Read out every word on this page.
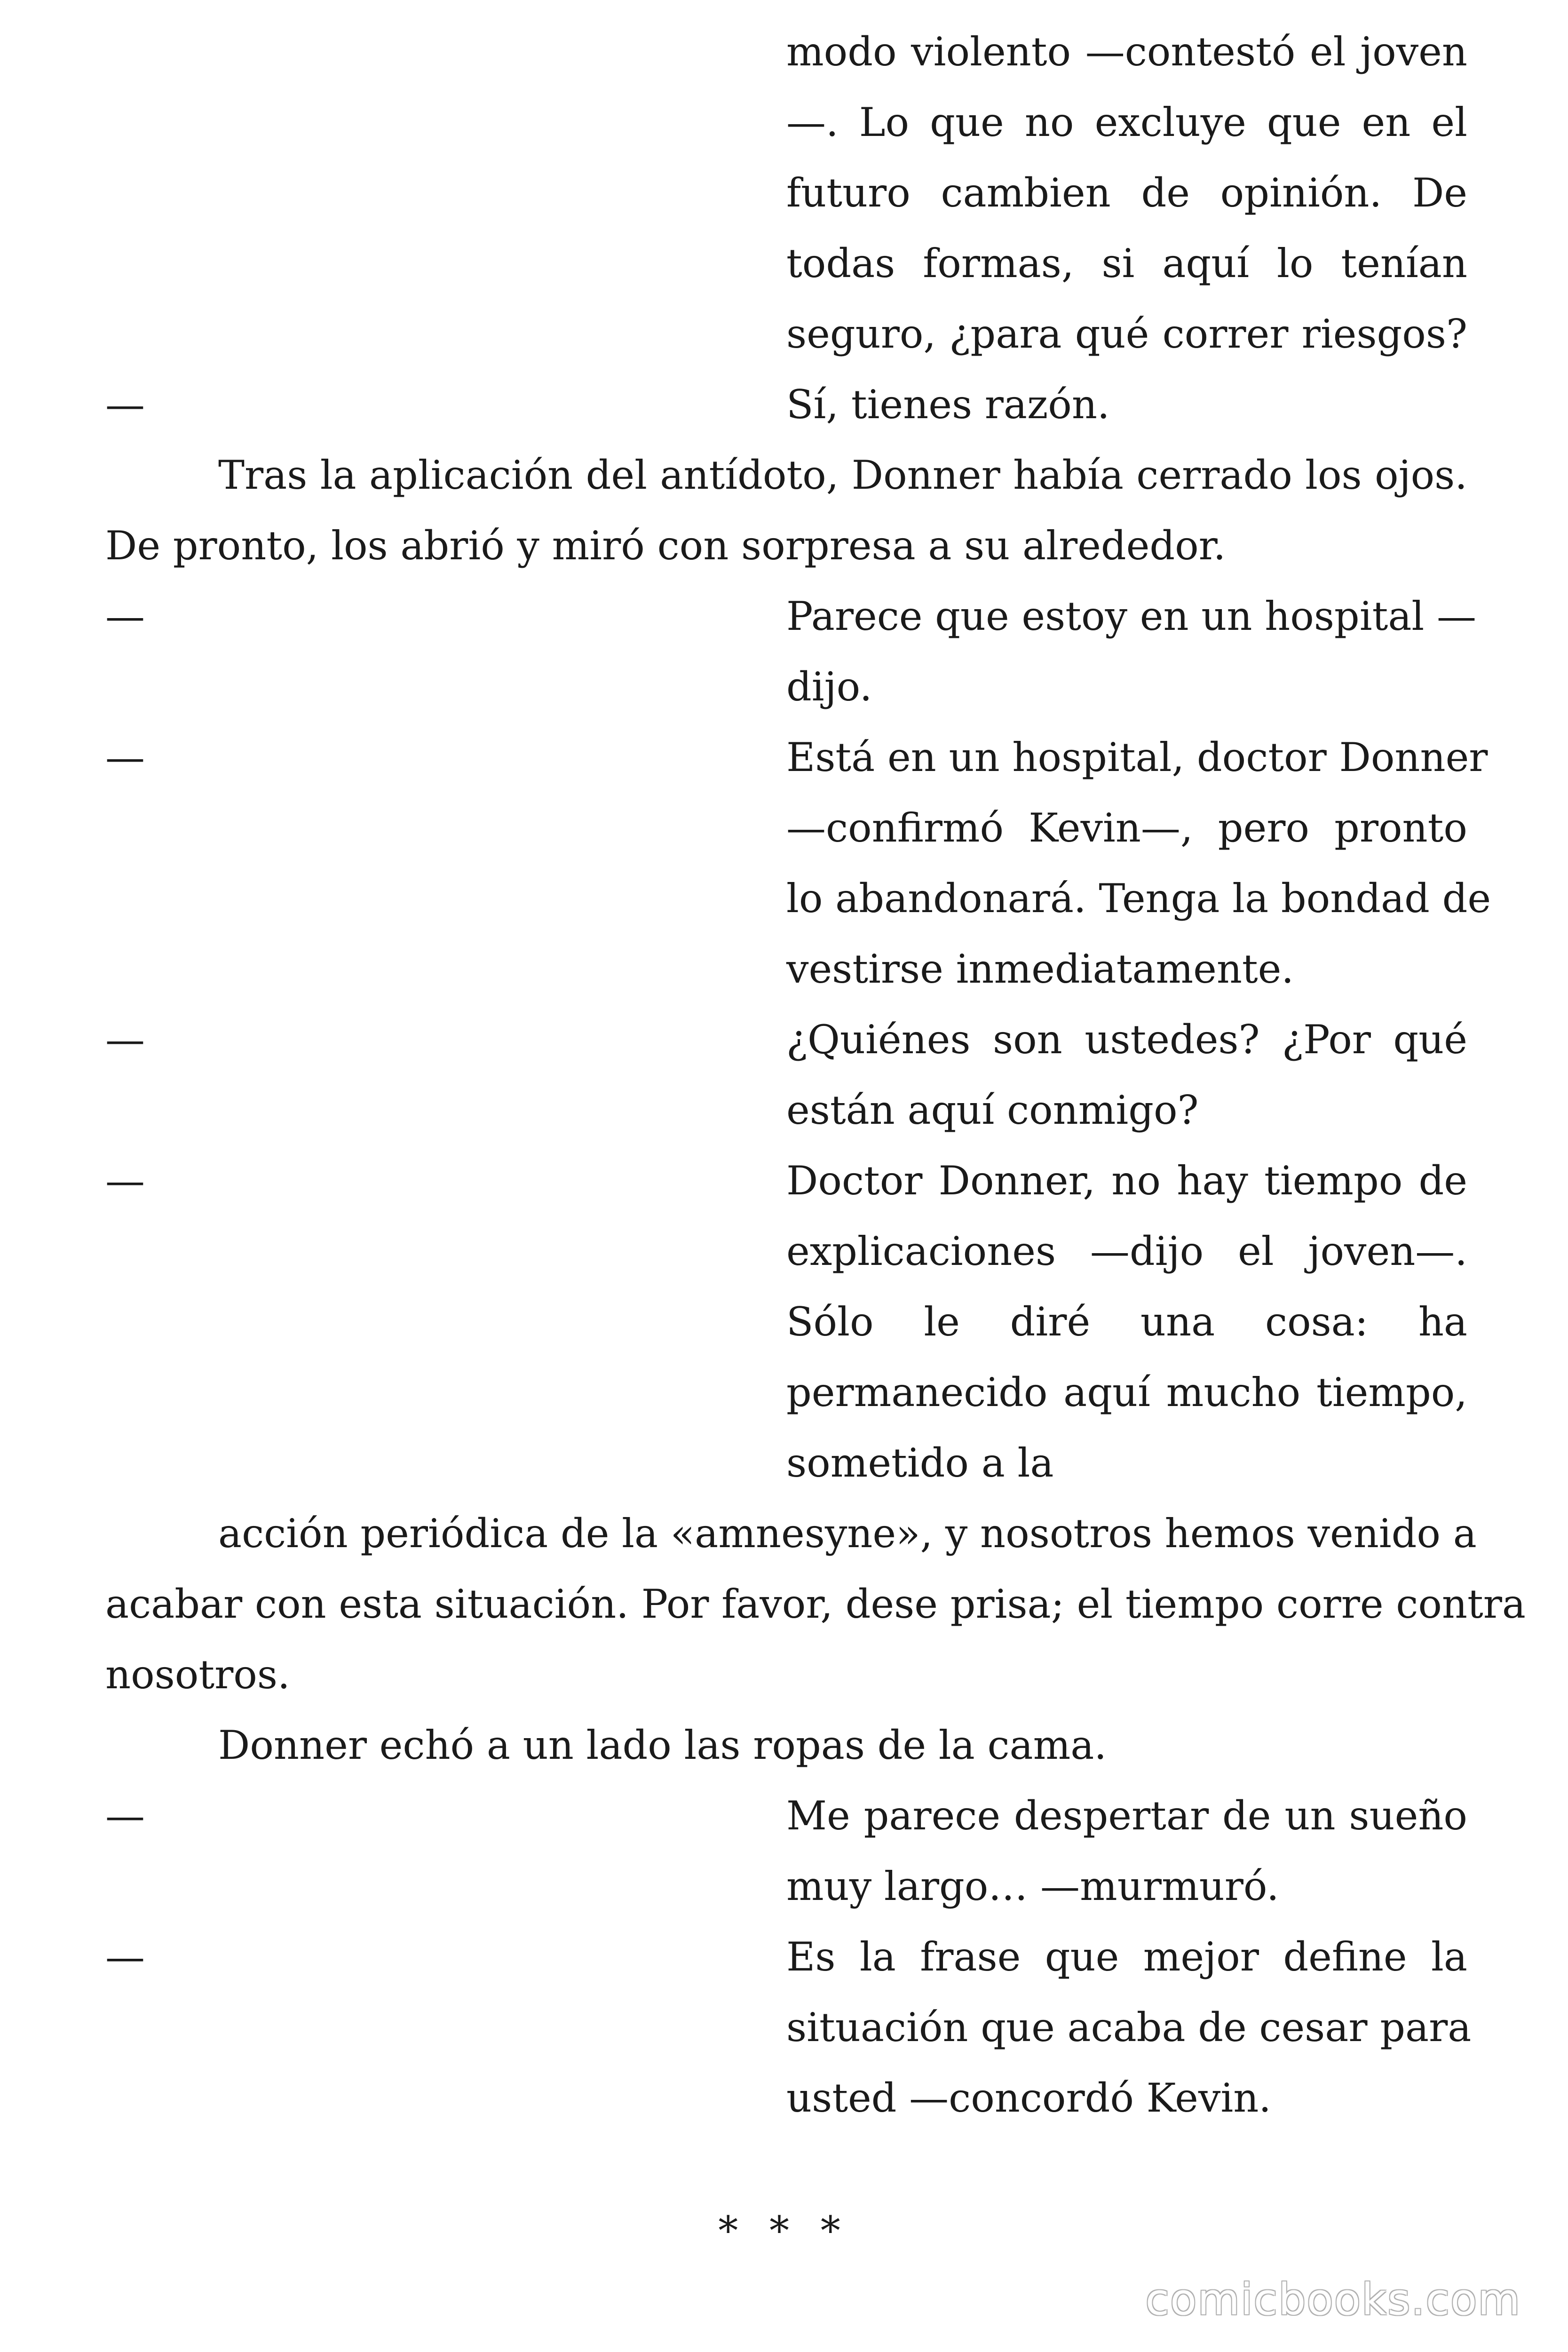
modo violento —contestó el joven
—. Lo que no excluye que en el
futuro cambien de opinión. De
todas formas, si aquí lo tenían
seguro, ¿para qué correr riesgos?
—	Sí, tienes razón.
Tras la aplicación del antídoto, Donner había cerrado los ojos.
De pronto, los abrió y miró con sorpresa a su alrededor.
—	Parece que estoy en un hospital —
dijo.
—	Está en un hospital, doctor Donner
—confirmó Kevin—, pero pronto
lo abandonará. Tenga la bondad de
vestirse inmediatamente.
—	¿Quiénes son ustedes? ¿Por qué
están aquí conmigo?
—	Doctor Donner, no hay tiempo de
explicaciones —dijo el joven—.
Sólo le diré una cosa: ha
permanecido aquí mucho tiempo,
sometido a la
acción periódica de la «amnesyne», y nosotros hemos venido a
acabar con esta situación. Por favor, dese prisa; el tiempo corre contra
nosotros.
Donner echó a un lado las ropas de la cama.
—	Me parece despertar de un sueño
muy largo… —murmuró.
—	Es la frase que mejor define la
situación que acaba de cesar para
usted —concordó Kevin.
* * *
comicbooks.com
